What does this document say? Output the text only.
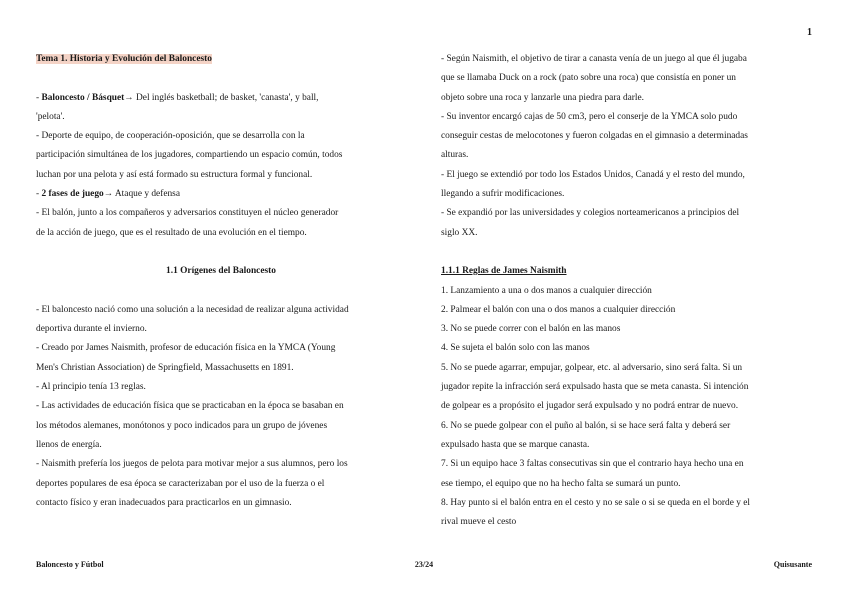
1

Tema 1. Historia y Evolución del Baloncesto

- Baloncesto / Básquet→ Del inglés basketball; de basket, 'canasta', y ball,

'pelota'.

- Deporte de equipo, de cooperación-oposición, que se desarrolla con la

participación simultánea de los jugadores, compartiendo un espacio común, todos

luchan por una pelota y así está formado su estructura formal y funcional.

- 2 fases de juego→ Ataque y defensa

- El balón, junto a los compañeros y adversarios constituyen el núcleo generador

de la acción de juego, que es el resultado de una evolución en el tiempo.

1.1 Orígenes del Baloncesto

- El baloncesto nació como una solución a la necesidad de realizar alguna actividad

deportiva durante el invierno.

- Creado por James Naismith, profesor de educación física en la YMCA (Young

Men's Christian Association) de Springfield, Massachusetts en 1891.

- Al principio tenía 13 reglas.

- Las actividades de educación física que se practicaban en la época se basaban en

los métodos alemanes, monótonos y poco indicados para un grupo de jóvenes

llenos de energía.

- Naismith prefería los juegos de pelota para motivar mejor a sus alumnos, pero los

deportes populares de esa época se caracterizaban por el uso de la fuerza o el

contacto físico y eran inadecuados para practicarlos en un gimnasio.

- Según Naismith, el objetivo de tirar a canasta venía de un juego al que él jugaba

que se llamaba Duck on a rock (pato sobre una roca) que consistía en poner un

objeto sobre una roca y lanzarle una piedra para darle.

- Su inventor encargó cajas de 50 cm3, pero el conserje de la YMCA solo pudo

conseguir cestas de melocotones y fueron colgadas en el gimnasio a determinadas

alturas.

- El juego se extendió por todo los Estados Unidos, Canadá y el resto del mundo,

llegando a sufrir modificaciones.

- Se expandió por las universidades y colegios norteamericanos a principios del

siglo XX.

1.1.1 Reglas de James Naismith

1. Lanzamiento a una o dos manos a cualquier dirección

2. Palmear el balón con una o dos manos a cualquier dirección

3. No se puede correr con el balón en las manos

4. Se sujeta el balón solo con las manos

5. No se puede agarrar, empujar, golpear, etc. al adversario, sino será falta. Si un

jugador repite la infracción será expulsado hasta que se meta canasta. Si intención

de golpear es a propósito el jugador será expulsado y no podrá entrar de nuevo.

6. No se puede golpear con el puño al balón, si se hace será falta y deberá ser

expulsado hasta que se marque canasta.

7. Si un equipo hace 3 faltas consecutivas sin que el contrario haya hecho una en

ese tiempo, el equipo que no ha hecho falta se sumará un punto.

8. Hay punto si el balón entra en el cesto y no se sale o si se queda en el borde y el

rival mueve el cesto

Baloncesto y Fútbol	23/24	Quisusante
